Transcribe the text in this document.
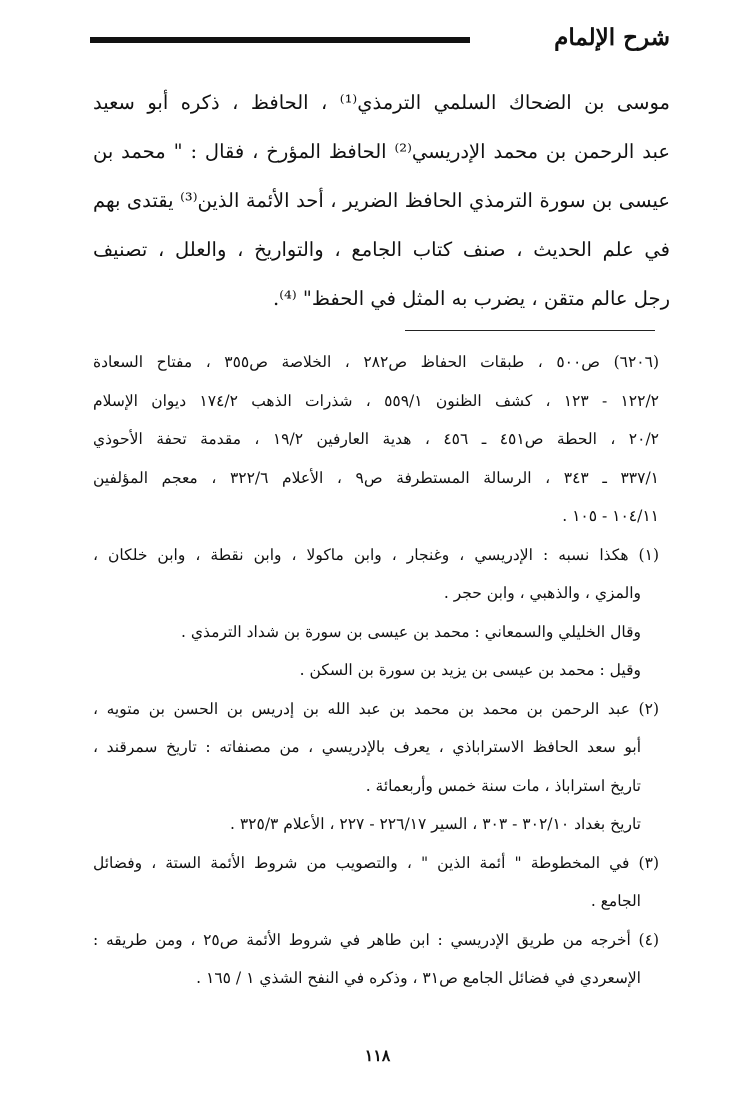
شرح الإلمام
موسى بن الضحاك السلمي الترمذي⁽¹⁾ ، الحافظ ، ذكره أبو سعيد
عبد الرحمن بن محمد الإدريسي⁽²⁾ الحافظ المؤرخ ، فقال : " محمد بن
عيسى بن سورة الترمذي الحافظ الضرير ، أحد الأئمة الذين⁽³⁾ يقتدى بهم
في علم الحديث ، صنف كتاب الجامع ، والتواريخ ، والعلل ، تصنيف
رجل عالم متقن ، يضرب به المثل في الحفظ" ⁽⁴⁾.
(٦٢٠٦) ص٥٠٠ ، طبقات الحفاظ ص٢٨٢ ، الخلاصة ص٣٥٥ ، مفتاح السعادة
١٢٢/٢ - ١٢٣ ، كشف الظنون ٥٥٩/١ ، شذرات الذهب ١٧٤/٢ ديوان الإسلام
٢٠/٢ ، الحطة ص٤٥١ ـ ٤٥٦ ، هدية العارفين ١٩/٢ ، مقدمة تحفة الأحوذي
٣٣٧/١ ـ ٣٤٣ ، الرسالة المستطرفة ص٩ ، الأعلام ٣٢٢/٦ ، معجم المؤلفين
١٠٤/١١ - ١٠٥ .
(١) هكذا نسبه : الإدريسي ، وغنجار ، وابن ماكولا ، وابن نقطة ، وابن خلكان ،
والمزي ، والذهبي ، وابن حجر .
وقال الخليلي والسمعاني : محمد بن عيسى بن سورة بن شداد الترمذي .
وقيل : محمد بن عيسى بن يزيد بن سورة بن السكن .
(٢) عبد الرحمن بن محمد بن محمد بن عبد الله بن إدريس بن الحسن بن متويه ،
أبو سعد الحافظ الاستراباذي ، يعرف بالإدريسي ، من مصنفاته : تاريخ سمرقند ،
تاريخ استراباذ ، مات سنة خمس وأربعمائة .
تاريخ بغداد ٣٠٢/١٠ - ٣٠٣ ، السير ٢٢٦/١٧ - ٢٢٧ ، الأعلام ٣٢٥/٣ .
(٣) في المخطوطة " أئمة الذين " ، والتصويب من شروط الأئمة الستة ، وفضائل
الجامع .
(٤) أخرجه من طريق الإدريسي : ابن طاهر في شروط الأئمة ص٢٥ ، ومن طريقه :
الإسعردي في فضائل الجامع ص٣١ ، وذكره في النفح الشذي ١ / ١٦٥ .
١١٨
